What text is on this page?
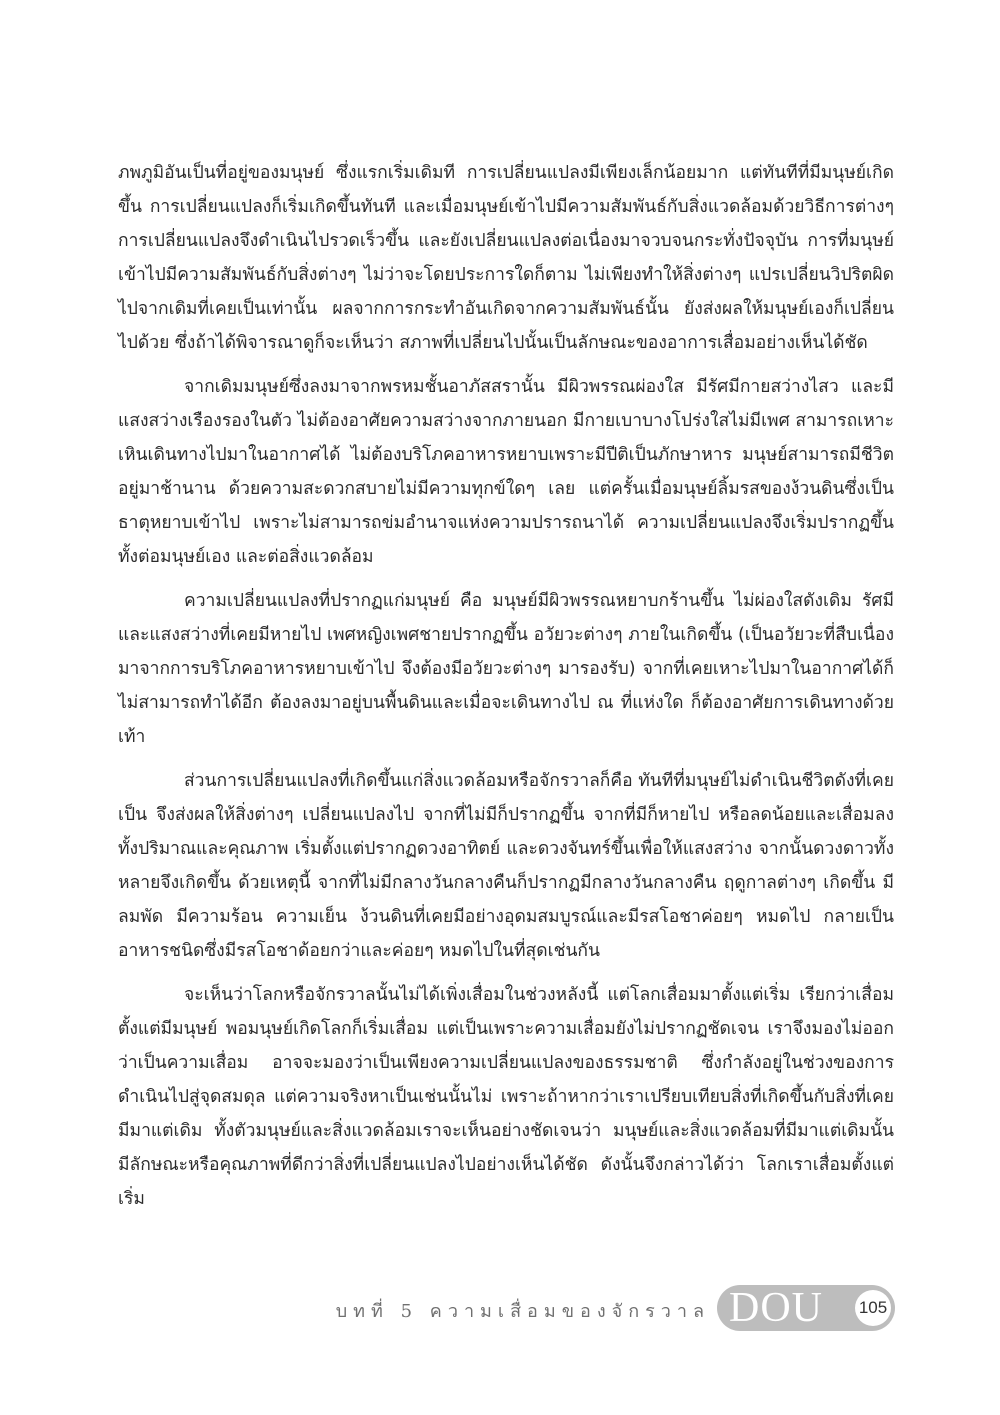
ภพภูมิอันเป็นที่อยู่ของมนุษย์ ซึ่งแรกเริ่มเดิมที การเปลี่ยนแปลงมีเพียงเล็กน้อยมาก แต่ทันทีที่มีมนุษย์เกิดขึ้น การเปลี่ยนแปลงก็เริ่มเกิดขึ้นทันที และเมื่อมนุษย์เข้าไปมีความสัมพันธ์กับสิ่งแวดล้อมด้วยวิธีการต่างๆ การเปลี่ยนแปลงจึงดำเนินไปรวดเร็วขึ้น และยังเปลี่ยนแปลงต่อเนื่องมาจวบจนกระทั่งปัจจุบัน การที่มนุษย์เข้าไปมีความสัมพันธ์กับสิ่งต่างๆ ไม่ว่าจะโดยประการใดก็ตาม ไม่เพียงทำให้สิ่งต่างๆ แปรเปลี่ยนวิปริตผิดไปจากเดิมที่เคยเป็นเท่านั้น ผลจากการกระทำอันเกิดจากความสัมพันธ์นั้น ยังส่งผลให้มนุษย์เองก็เปลี่ยนไปด้วย ซึ่งถ้าได้พิจารณาดูก็จะเห็นว่า สภาพที่เปลี่ยนไปนั้นเป็นลักษณะของอาการเสื่อมอย่างเห็นได้ชัด

จากเดิมมนุษย์ซึ่งลงมาจากพรหมชั้นอาภัสสรานั้น มีผิวพรรณผ่องใส มีรัศมีกายสว่างไสว และมีแสงสว่างเรืองรองในตัว ไม่ต้องอาศัยความสว่างจากภายนอก มีกายเบาบางโปร่งใสไม่มีเพศ สามารถเหาะเหินเดินทางไปมาในอากาศได้ ไม่ต้องบริโภคอาหารหยาบเพราะมีปีติเป็นภักษาหาร มนุษย์สามารถมีชีวิตอยู่มาช้านาน ด้วยความสะดวกสบายไม่มีความทุกข์ใดๆ เลย แต่ครั้นเมื่อมนุษย์ลิ้มรสของง้วนดินซึ่งเป็นธาตุหยาบเข้าไป เพราะไม่สามารถข่มอำนาจแห่งความปรารถนาได้ ความเปลี่ยนแปลงจึงเริ่มปรากฏขึ้นทั้งต่อมนุษย์เอง และต่อสิ่งแวดล้อม

ความเปลี่ยนแปลงที่ปรากฏแก่มนุษย์ คือ มนุษย์มีผิวพรรณหยาบกร้านขึ้น ไม่ผ่องใสดังเดิม รัศมีและแสงสว่างที่เคยมีหายไป เพศหญิงเพศชายปรากฏขึ้น อวัยวะต่างๆ ภายในเกิดขึ้น (เป็นอวัยวะที่สืบเนื่องมาจากการบริโภคอาหารหยาบเข้าไป จึงต้องมีอวัยวะต่างๆ มารองรับ) จากที่เคยเหาะไปมาในอากาศได้ก็ไม่สามารถทำได้อีก ต้องลงมาอยู่บนพื้นดินและเมื่อจะเดินทางไป ณ ที่แห่งใด ก็ต้องอาศัยการเดินทางด้วยเท้า

ส่วนการเปลี่ยนแปลงที่เกิดขึ้นแก่สิ่งแวดล้อมหรือจักรวาลก็คือ ทันทีที่มนุษย์ไม่ดำเนินชีวิตดังที่เคยเป็น จึงส่งผลให้สิ่งต่างๆ เปลี่ยนแปลงไป จากที่ไม่มีก็ปรากฏขึ้น จากที่มีก็หายไป หรือลดน้อยและเสื่อมลงทั้งปริมาณและคุณภาพ เริ่มตั้งแต่ปรากฏดวงอาทิตย์ และดวงจันทร์ขึ้นเพื่อให้แสงสว่าง จากนั้นดวงดาวทั้งหลายจึงเกิดขึ้น ด้วยเหตุนี้ จากที่ไม่มีกลางวันกลางคืนก็ปรากฏมีกลางวันกลางคืน ฤดูกาลต่างๆ เกิดขึ้น มีลมพัด มีความร้อน ความเย็น ง้วนดินที่เคยมีอย่างอุดมสมบูรณ์และมีรสโอชาค่อยๆ หมดไป กลายเป็นอาหารชนิดซึ่งมีรสโอชาด้อยกว่าและค่อยๆ หมดไปในที่สุดเช่นกัน

จะเห็นว่าโลกหรือจักรวาลนั้นไม่ได้เพิ่งเสื่อมในช่วงหลังนี้ แต่โลกเสื่อมมาตั้งแต่เริ่ม เรียกว่าเสื่อมตั้งแต่มีมนุษย์ พอมนุษย์เกิดโลกก็เริ่มเสื่อม แต่เป็นเพราะความเสื่อมยังไม่ปรากฏชัดเจน เราจึงมองไม่ออกว่าเป็นความเสื่อม อาจจะมองว่าเป็นเพียงความเปลี่ยนแปลงของธรรมชาติ ซึ่งกำลังอยู่ในช่วงของการดำเนินไปสู่จุดสมดุล แต่ความจริงหาเป็นเช่นนั้นไม่ เพราะถ้าหากว่าเราเปรียบเทียบสิ่งที่เกิดขึ้นกับสิ่งที่เคยมีมาแต่เดิม ทั้งตัวมนุษย์และสิ่งแวดล้อมเราจะเห็นอย่างชัดเจนว่า มนุษย์และสิ่งแวดล้อมที่มีมาแต่เดิมนั้น มีลักษณะหรือคุณภาพที่ดีกว่าสิ่งที่เปลี่ยนแปลงไปอย่างเห็นได้ชัด ดังนั้นจึงกล่าวได้ว่า โลกเราเสื่อมตั้งแต่เริ่ม

บทที่ 5 ความเสื่อมของจักรวาล DOU 105
